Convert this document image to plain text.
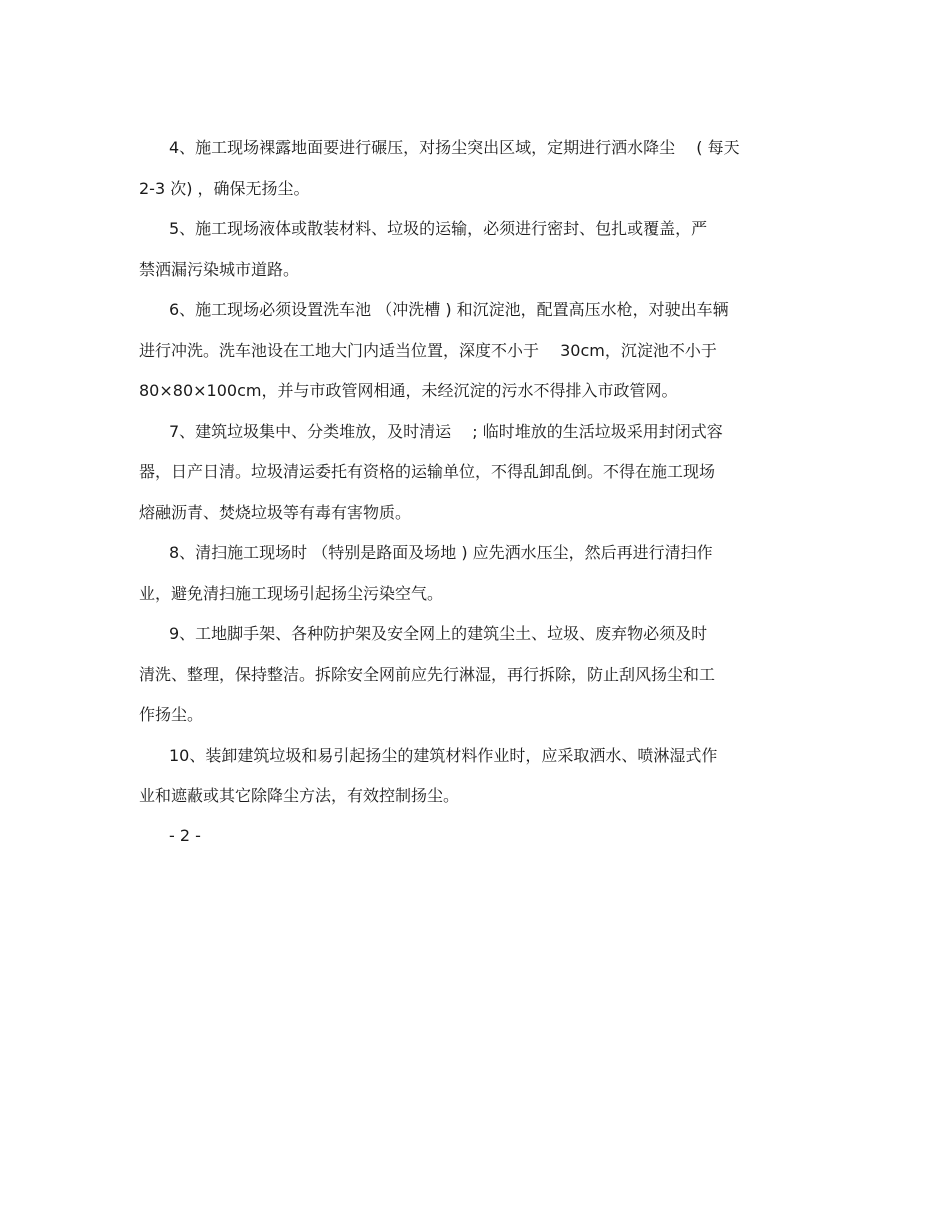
4、施工现场裸露地面要进行碾压，对扬尘突出区域，定期进行洒水降尘 　( 每天
2-3 次) ，确保无扬尘。

5、施工现场液体或散装材料、垃圾的运输，必须进行密封、包扎或覆盖，严
禁洒漏污染城市道路。

6、施工现场必须设置洗车池 （冲洗槽 ) 和沉淀池，配置高压水枪，对驶出车辆
进行冲洗。洗车池设在工地大门内适当位置，深度不小于 　30cm，沉淀池不小于
80×80×100cm，并与市政管网相通，未经沉淀的污水不得排入市政管网。

7、建筑垃圾集中、分类堆放，及时清运 　; 临时堆放的生活垃圾采用封闭式容
器，日产日清。垃圾清运委托有资格的运输单位，不得乱卸乱倒。不得在施工现场
熔融沥青、焚烧垃圾等有毒有害物质。

8、清扫施工现场时 （特别是路面及场地 ) 应先洒水压尘，然后再进行清扫作
业，避免清扫施工现场引起扬尘污染空气。

9、工地脚手架、各种防护架及安全网上的建筑尘土、垃圾、废弃物必须及时
清洗、整理，保持整洁。拆除安全网前应先行淋湿，再行拆除，防止刮风扬尘和工
作扬尘。

10、装卸建筑垃圾和易引起扬尘的建筑材料作业时，应采取洒水、喷淋湿式作
业和遮蔽或其它除降尘方法，有效控制扬尘。

- 2 -
